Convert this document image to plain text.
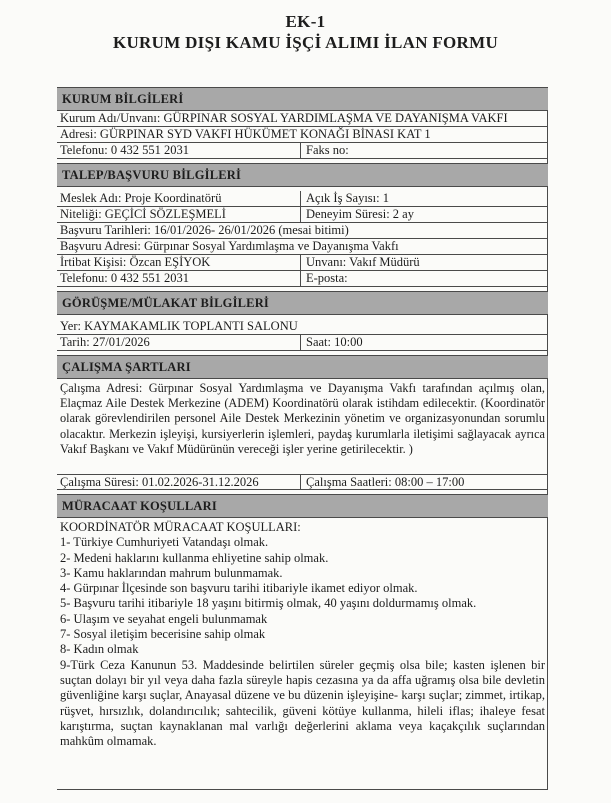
EK-1
KURUM DIŞI KAMU İŞÇİ ALIMI İLAN FORMU
KURUM BİLGİLERİ
Kurum Adı/Unvanı: GÜRPINAR SOSYAL YARDIMLAŞMA VE DAYANIŞMA VAKFI
Adresi: GÜRPINAR SYD VAKFI HÜKÜMET KONAĞI BİNASI KAT 1
Telefonu: 0 432 551 2031	Faks no:
TALEP/BAŞVURU BİLGİLERİ
Meslek Adı: Proje Koordinatörü	Açık İş Sayısı: 1
Niteliği: GEÇİCİ SÖZLEŞMELİ	Deneyim Süresi: 2 ay
Başvuru Tarihleri: 16/01/2026- 26/01/2026 (mesai bitimi)
Başvuru Adresi: Gürpınar Sosyal Yardımlaşma ve Dayanışma Vakfı
İrtibat Kişisi: Özcan EŞİYOK	Unvanı: Vakıf Müdürü
Telefonu: 0 432 551 2031	E-posta:
GÖRÜŞME/MÜLAKAT BİLGİLERİ
Yer: KAYMAKAMLIK TOPLANTI SALONU
Tarih: 27/01/2026	Saat: 10:00
ÇALIŞMA ŞARTLARI
Çalışma Adresi: Gürpınar Sosyal Yardımlaşma ve Dayanışma Vakfı tarafından açılmış olan, Elaçmaz Aile Destek Merkezine (ADEM) Koordinatörü olarak istihdam edilecektir. (Koordinatör olarak görevlendirilen personel Aile Destek Merkezinin yönetim ve organizasyonundan sorumlu olacaktır. Merkezin işleyişi, kursiyerlerin işlemleri, paydaş kurumlarla iletişimi sağlayacak ayrıca Vakıf Başkanı ve Vakıf Müdürünün vereceği işler yerine getirilecektir. )
Çalışma Süresi: 01.02.2026-31.12.2026	Çalışma Saatleri: 08:00 – 17:00
MÜRACAAT KOŞULLARI
KOORDİNATÖR MÜRACAAT KOŞULLARI:
1- Türkiye Cumhuriyeti Vatandaşı olmak.
2- Medeni haklarını kullanma ehliyetine sahip olmak.
3- Kamu haklarından mahrum bulunmamak.
4- Gürpınar İlçesinde son başvuru tarihi itibariyle ikamet ediyor olmak.
5- Başvuru tarihi itibariyle 18 yaşını bitirmiş olmak, 40 yaşını doldurmamış olmak.
6- Ulaşım ve seyahat engeli bulunmamak
7- Sosyal iletişim becerisine sahip olmak
8- Kadın olmak
9-Türk Ceza Kanunun 53. Maddesinde belirtilen süreler geçmiş olsa bile; kasten işlenen bir suçtan dolayı bir yıl veya daha fazla süreyle hapis cezasına ya da affa uğramış olsa bile devletin güvenliğine karşı suçlar, Anayasal düzene ve bu düzenin işleyişine- karşı suçlar; zimmet, irtikap, rüşvet, hırsızlık, dolandırıcılık; sahtecilik, güveni kötüye kullanma, hileli iflas; ihaleye fesat karıştırma, suçtan kaynaklanan mal varlığı değerlerini aklama veya kaçakçılık suçlarından mahkûm olmamak.
